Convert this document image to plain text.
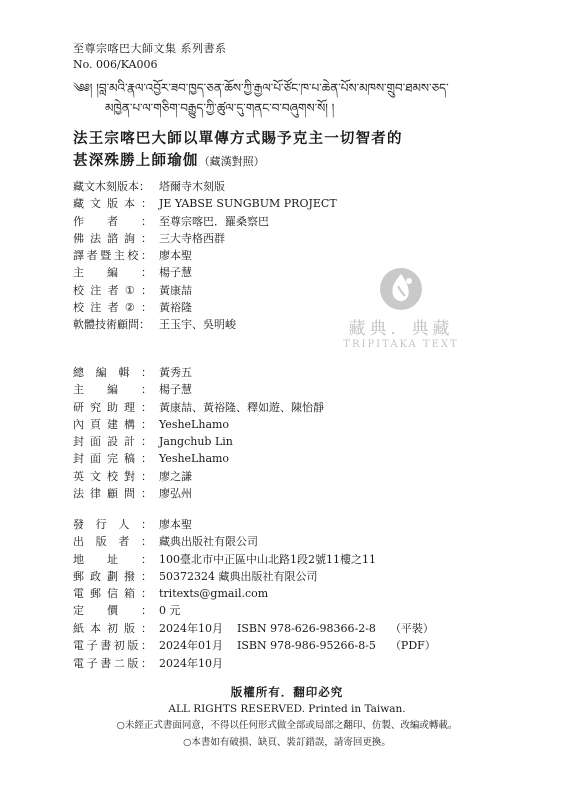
至尊宗喀巴大師文集 系列書系
No. 006/KA006
༄༅། །བླ་མའི་རྣལ་འབྱོར་ཟབ་ཁྱད་ཅན་ཆོས་ཀྱི་རྒྱལ་པོ་ཙོང་ཁ་པ་ཆེན་པོས་མཁས་གྲུབ་ཐམས་ཅད་
མཁྱེན་པ་ལ་གཅིག་བརྒྱུད་ཀྱི་ཚུལ་དུ་གནང་བ་བཞུགས་སོ། །
法王宗喀巴大師以單傳方式賜予克主一切智者的
甚深殊勝上師瑜伽（藏漢對照）
藏文木刻版本： 塔爾寺木刻版
藏 文 版 本 ： JE YABSE SUNGBUM PROJECT
作 者 ： 至尊宗喀巴．羅桑察巴
佛 法 諮 詢 ： 三大寺格西群
譯 者 暨 主 校 ： 廖本聖
主 編 ： 楊子慧
校 注 者 ① ： 黃康喆
校 注 者 ② ： 黃裕隆
軟體技術顧問： 王玉宇、吳明峻
總 編 輯 ： 黃秀五
主 編 ： 楊子慧
研 究 助 理 ： 黃康喆、黃裕隆、釋如遊、陳怡靜
內 頁 建 構 ： YesheLhamo
封 面 設 計 ： Jangchub Lin
封 面 完 稿 ： YesheLhamo
英 文 校 對 ： 廖之謙
法 律 顧 問 ： 廖弘州
發 行 人 ： 廖本聖
出 版 者 ： 藏典出版社有限公司
地 址 ： 100臺北市中正區中山北路1段2號11樓之11
郵 政 劃 撥 ： 50372324 藏典出版社有限公司
電 郵 信 箱 ： tritexts@gmail.com
定 價 ： 0 元
紙 本 初 版 ： 2024年10月 ISBN 978-626-98366-2-8 （平裝）
電 子 書 初 版 ： 2024年01月 ISBN 978-986-95266-8-5 （PDF）
電 子 書 二 版 ： 2024年10月
藏典．典藏
TRIPITAKA TEXT
版權所有．翻印必究
ALL RIGHTS RESERVED. Printed in Taiwan.
○未經正式書面同意，不得以任何形式做全部或局部之翻印、仿製、改編或轉載。
○本書如有破損、缺頁、裝訂錯誤，請寄回更換。
